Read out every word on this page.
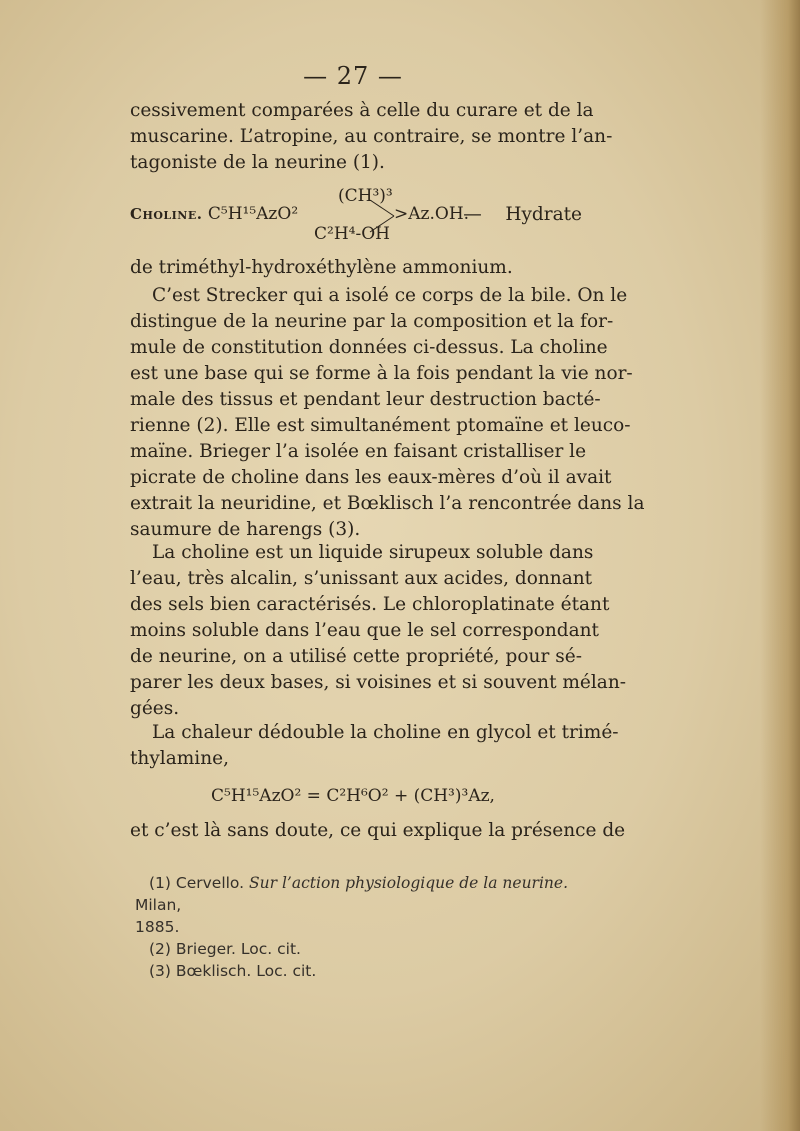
— 27 —
cessivement comparées à celle du curare et de la
muscarine. L’atropine, au contraire, se montre l’an-
tagoniste de la neurine (1).
(CH³)³
Choline. C⁵H¹⁵AzO²	>Az.OH.
C²H⁴-OH
— Hydrate
de triméthyl-hydroxéthylène ammonium.
C’est Strecker qui a isolé ce corps de la bile. On le
distingue de la neurine par la composition et la for-
mule de constitution données ci-dessus. La choline
est une base qui se forme à la fois pendant la vie nor-
male des tissus et pendant leur destruction bacté-
rienne (2). Elle est simultanément ptomaïne et leuco-
maïne. Brieger l’a isolée en faisant cristalliser le
picrate de choline dans les eaux-mères d’où il avait
extrait la neuridine, et Bœklisch l’a rencontrée dans la
saumure de harengs (3).
La choline est un liquide sirupeux soluble dans
l’eau, très alcalin, s’unissant aux acides, donnant
des sels bien caractérisés. Le chloroplatinate étant
moins soluble dans l’eau que le sel correspondant
de neurine, on a utilisé cette propriété, pour sé-
parer les deux bases, si voisines et si souvent mélan-
gées.
La chaleur dédouble la choline en glycol et trimé-
thylamine,
C⁵H¹⁵AzO² = C²H⁶O² + (CH³)³Az,
et c’est là sans doute, ce qui explique la présence de
(1) Cervello. Sur l’action physiologique de la neurine. Milan,
1885.
(2) Brieger. Loc. cit.
(3) Bœklisch. Loc. cit.
